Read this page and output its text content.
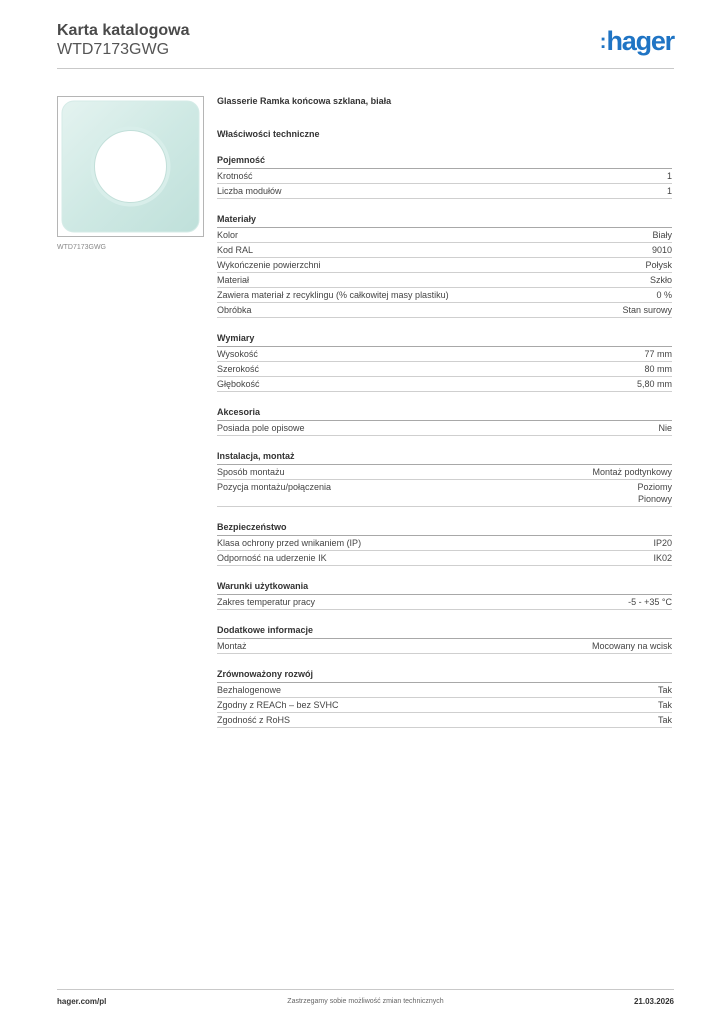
Karta katalogowa
WTD7173GWG	:hager
WTD7173GWG
Glasserie Ramka końcowa szklana, biała
Właściwości techniczne
Pojemność
Krotność	1
Liczba modułów	1
Materiały
Kolor	Biały
Kod RAL	9010
Wykończenie powierzchni	Połysk
Materiał	Szkło
Zawiera materiał z recyklingu (% całkowitej masy plastiku)	0 %
Obróbka	Stan surowy
Wymiary
Wysokość	77 mm
Szerokość	80 mm
Głębokość	5,80 mm
Akcesoria
Posiada pole opisowe	Nie
Instalacja, montaż
Sposób montażu	Montaż podtynkowy
Pozycja montażu/połączenia	Poziomy
Pionowy
Bezpieczeństwo
Klasa ochrony przed wnikaniem (IP)	IP20
Odporność na uderzenie IK	IK02
Warunki użytkowania
Zakres temperatur pracy	-5 - +35 °C
Dodatkowe informacje
Montaż	Mocowany na wcisk
Zrównoważony rozwój
Bezhalogenowe	Tak
Zgodny z REACh – bez SVHC	Tak
Zgodność z RoHS	Tak
hager.com/pl	Zastrzegamy sobie możliwość zmian technicznych	21.03.2026
